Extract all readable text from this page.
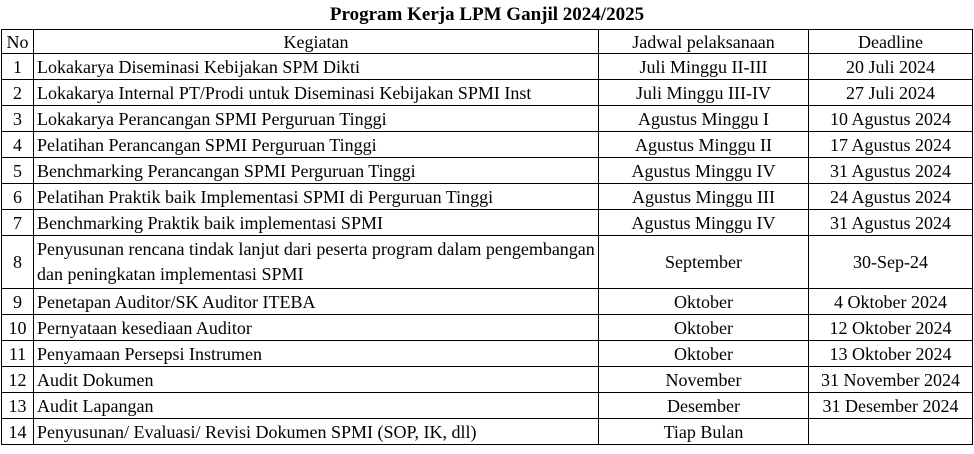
Program Kerja LPM Ganjil 2024/2025
No	Kegiatan	Jadwal pelaksanaan	Deadline
1	Lokakarya Diseminasi Kebijakan SPM Dikti	Juli Minggu II-III	20 Juli 2024
2	Lokakarya Internal PT/Prodi untuk Diseminasi Kebijakan SPMI Inst	Juli Minggu III-IV	27 Juli 2024
3	Lokakarya Perancangan SPMI Perguruan Tinggi	Agustus Minggu I	10 Agustus 2024
4	Pelatihan Perancangan SPMI Perguruan Tinggi	Agustus Minggu II	17 Agustus 2024
5	Benchmarking Perancangan SPMI Perguruan Tinggi	Agustus Minggu IV	31 Agustus 2024
6	Pelatihan Praktik baik Implementasi SPMI di Perguruan Tinggi	Agustus Minggu III	24 Agustus 2024
7	Benchmarking Praktik baik implementasi SPMI	Agustus Minggu IV	31 Agustus 2024
8	Penyusunan rencana tindak lanjut dari peserta program dalam pengembangan dan peningkatan implementasi SPMI	September	30-Sep-24
9	Penetapan Auditor/SK Auditor ITEBA	Oktober	4 Oktober 2024
10	Pernyataan kesediaan Auditor	Oktober	12 Oktober 2024
11	Penyamaan Persepsi Instrumen	Oktober	13 Oktober 2024
12	Audit Dokumen	November	31 November 2024
13	Audit Lapangan	Desember	31 Desember 2024
14	Penyusunan/ Evaluasi/ Revisi Dokumen SPMI (SOP, IK, dll)	Tiap Bulan	
